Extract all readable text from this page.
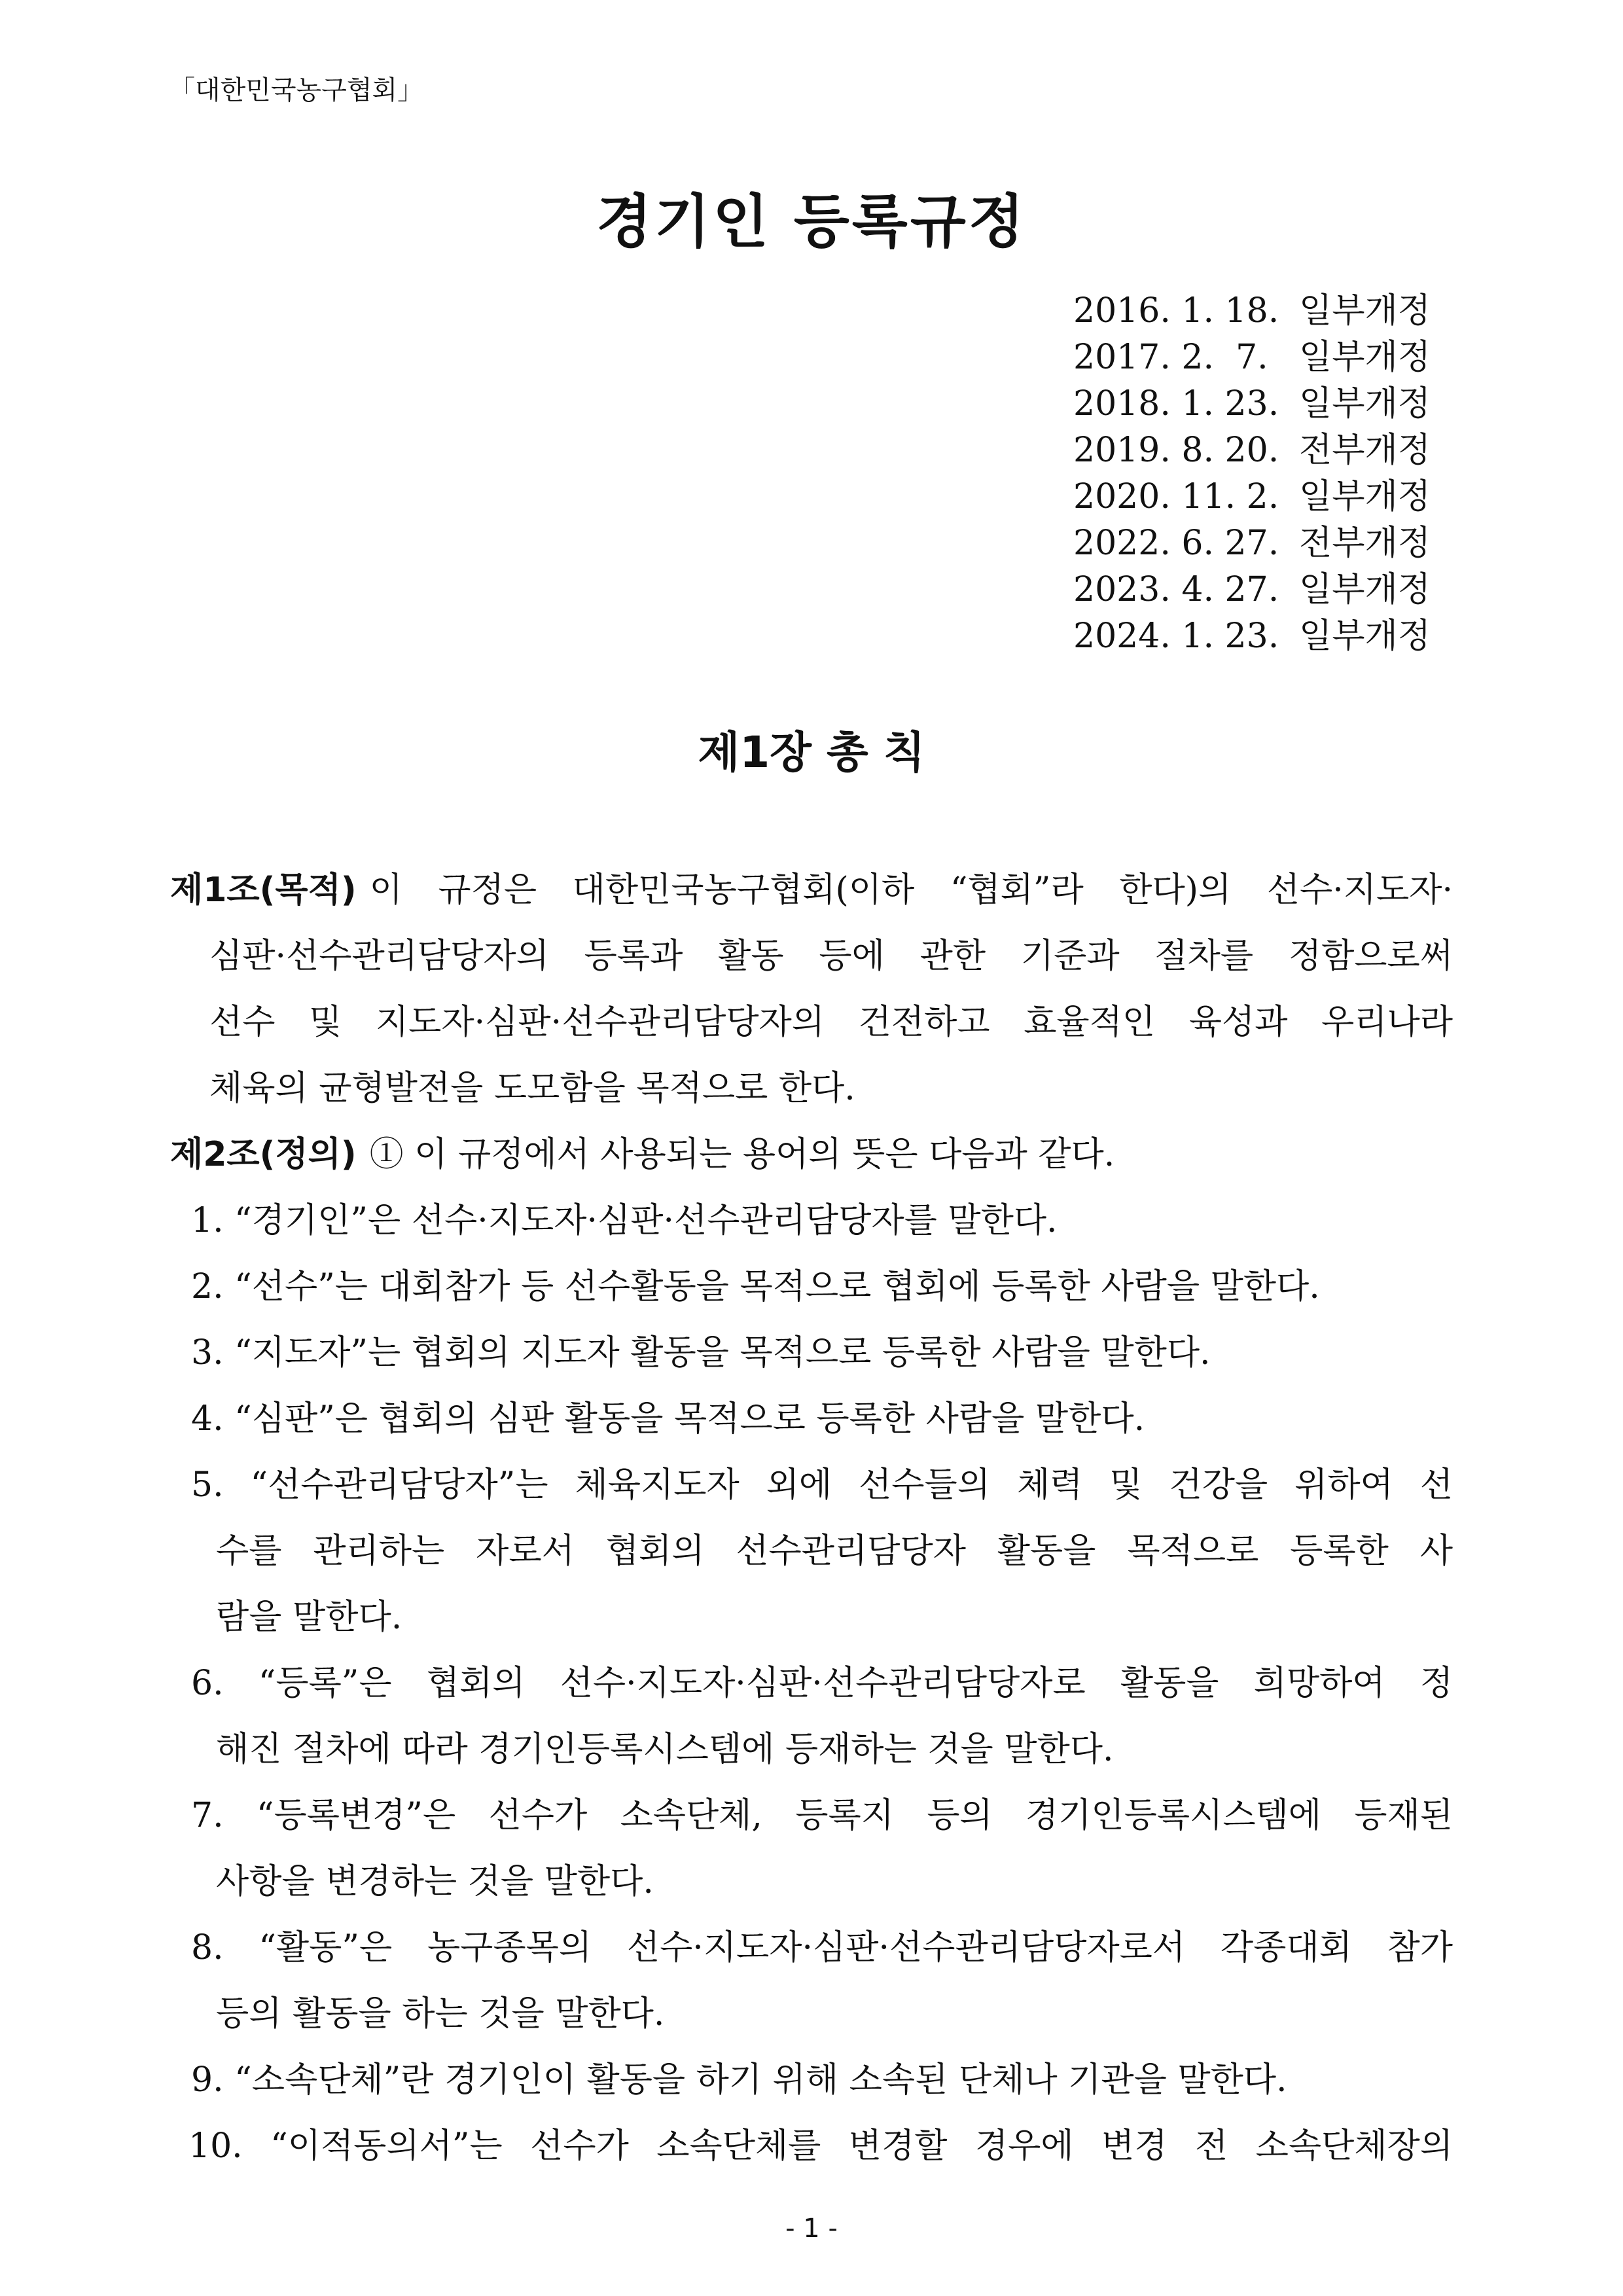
「대한민국농구협회」
경기인 등록규정
2016. 1. 18. 일부개정
2017. 2.  7. 일부개정
2018. 1. 23. 일부개정
2019. 8. 20. 전부개정
2020. 11. 2. 일부개정
2022. 6. 27. 전부개정
2023. 4. 27. 일부개정
2024. 1. 23. 일부개정
제1장 총 칙
제1조(목적) 이 규정은 대한민국농구협회(이하 “협회”라 한다)의 선수·지도자·
심판·선수관리담당자의 등록과 활동 등에 관한 기준과 절차를 정함으로써
선수 및 지도자·심판·선수관리담당자의 건전하고 효율적인 육성과 우리나라
체육의 균형발전을 도모함을 목적으로 한다.
제2조(정의) ① 이 규정에서 사용되는 용어의 뜻은 다음과 같다.
1. “경기인”은 선수·지도자·심판·선수관리담당자를 말한다.
2. “선수”는 대회참가 등 선수활동을 목적으로 협회에 등록한 사람을 말한다.
3. “지도자”는 협회의 지도자 활동을 목적으로 등록한 사람을 말한다.
4. “심판”은 협회의 심판 활동을 목적으로 등록한 사람을 말한다.
5. “선수관리담당자”는 체육지도자 외에 선수들의 체력 및 건강을 위하여 선
수를 관리하는 자로서 협회의 선수관리담당자 활동을 목적으로 등록한 사
람을 말한다.
6. “등록”은 협회의 선수·지도자·심판·선수관리담당자로 활동을 희망하여 정
해진 절차에 따라 경기인등록시스템에 등재하는 것을 말한다.
7. “등록변경”은 선수가 소속단체, 등록지 등의 경기인등록시스템에 등재된
사항을 변경하는 것을 말한다.
8. “활동”은 농구종목의 선수·지도자·심판·선수관리담당자로서 각종대회 참가
등의 활동을 하는 것을 말한다.
9. “소속단체”란 경기인이 활동을 하기 위해 소속된 단체나 기관을 말한다.
10. “이적동의서”는 선수가 소속단체를 변경할 경우에 변경 전 소속단체장의
- 1 -
